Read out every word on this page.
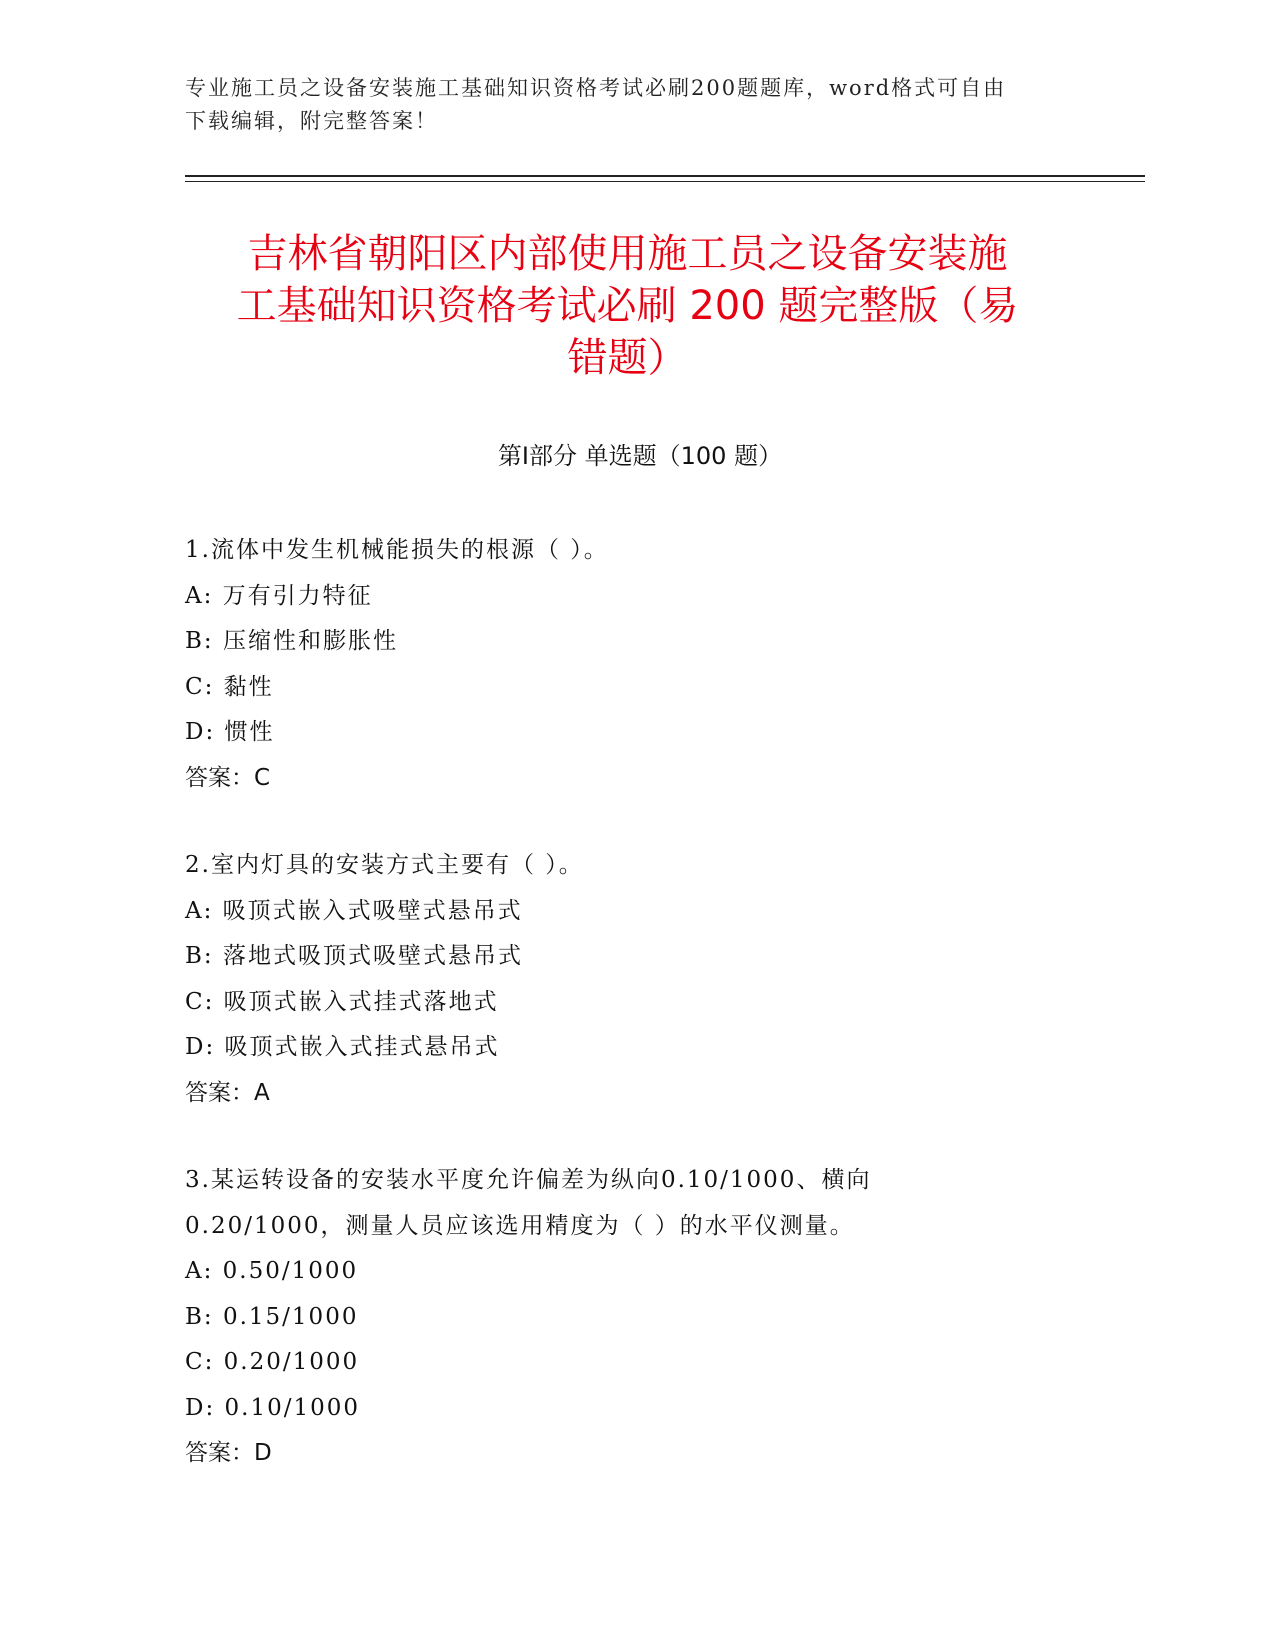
专业施工员之设备安装施工基础知识资格考试必刷200题题库，word格式可自由
下载编辑，附完整答案！
吉林省朝阳区内部使用施工员之设备安装施
工基础知识资格考试必刷 200 题完整版（易
错题）
第Ⅰ部分 单选题（100 题）
1.流体中发生机械能损失的根源（ ）。
A: 万有引力特征
B: 压缩性和膨胀性
C: 黏性
D: 惯性
答案：C
2.室内灯具的安装方式主要有（ ）。
A: 吸顶式嵌入式吸壁式悬吊式
B: 落地式吸顶式吸壁式悬吊式
C: 吸顶式嵌入式挂式落地式
D: 吸顶式嵌入式挂式悬吊式
答案：A
3.某运转设备的安装水平度允许偏差为纵向0.10/1000、横向
0.20/1000，测量人员应该选用精度为（ ）的水平仪测量。
A: 0.50/1000
B: 0.15/1000
C: 0.20/1000
D: 0.10/1000
答案：D
